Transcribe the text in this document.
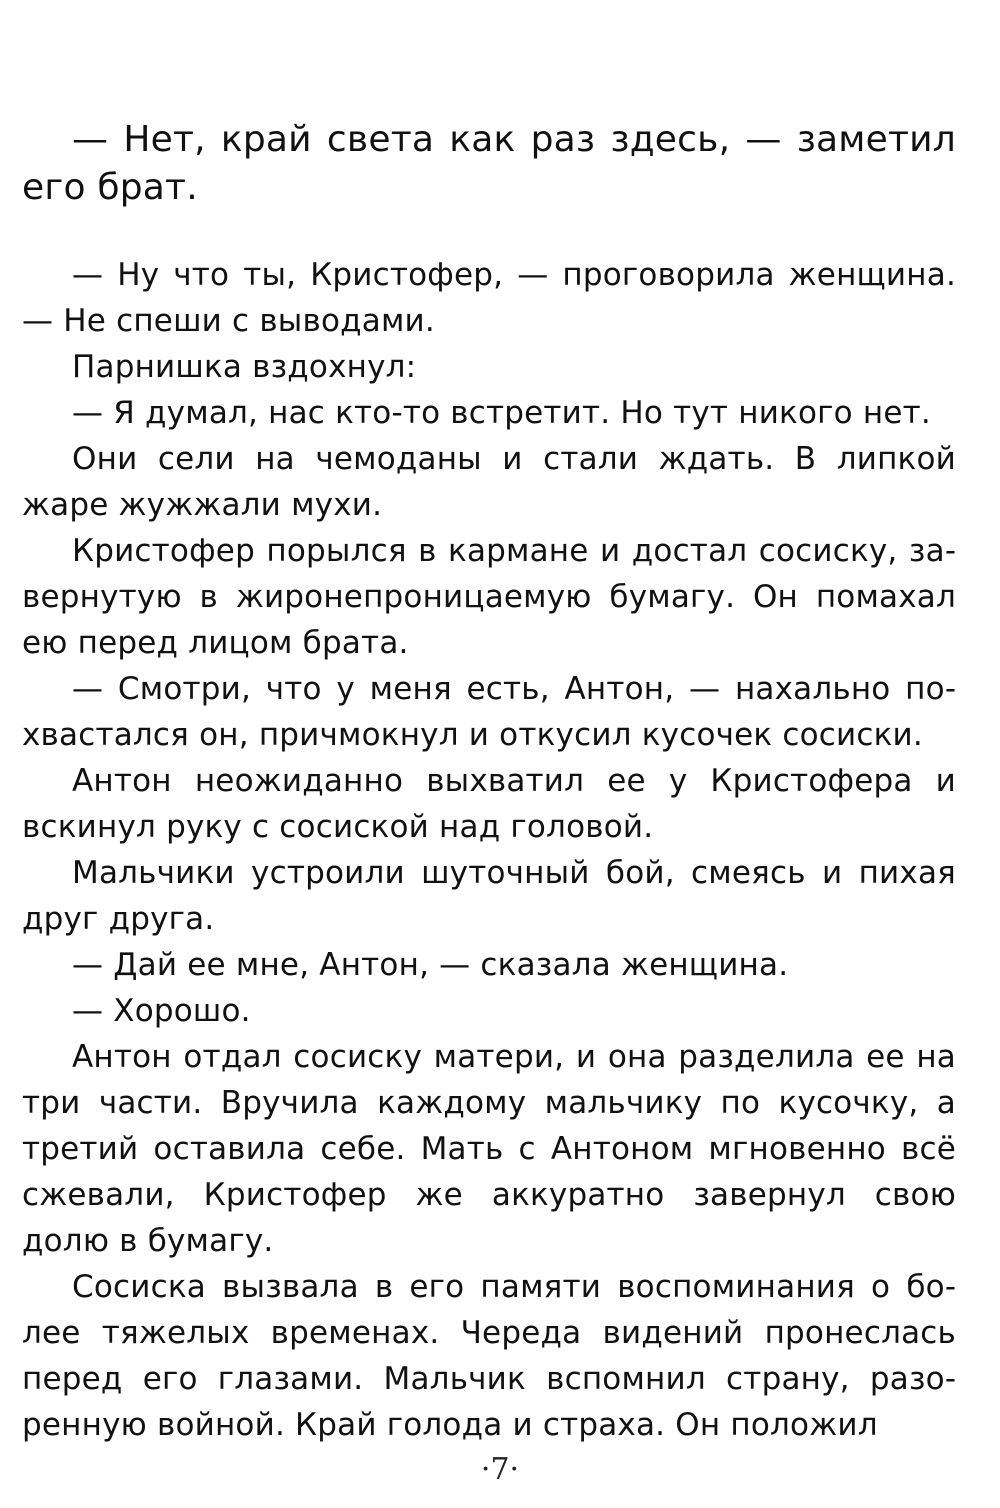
— Нет, край света как раз здесь, — заметил его брат.

— Ну что ты, Кристофер, — проговорила женщина. — Не спеши с выводами.

Парнишка вздохнул:

— Я думал, нас кто-то встретит. Но тут никого нет.

Они сели на чемоданы и стали ждать. В липкой жаре жужжали мухи.

Кристофер порылся в кармане и достал сосиску, завернутую в жиронепроницаемую бумагу. Он помахал ею перед лицом брата.

— Смотри, что у меня есть, Антон, — нахально похвастался он, причмокнул и откусил кусочек сосиски.

Антон неожиданно выхватил ее у Кристофера и вскинул руку с сосиской над головой.

Мальчики устроили шуточный бой, смеясь и пихая друг друга.

— Дай ее мне, Антон, — сказала женщина.

— Хорошо.

Антон отдал сосиску матери, и она разделила ее на три части. Вручила каждому мальчику по кусочку, а третий оставила себе. Мать с Антоном мгновенно всё сжевали, Кристофер же аккуратно завернул свою долю в бумагу.

Сосиска вызвала в его памяти воспоминания о более тяжелых временах. Череда видений пронеслась перед его глазами. Мальчик вспомнил страну, разоренную войной. Край голода и страха. Он положил

·7·
